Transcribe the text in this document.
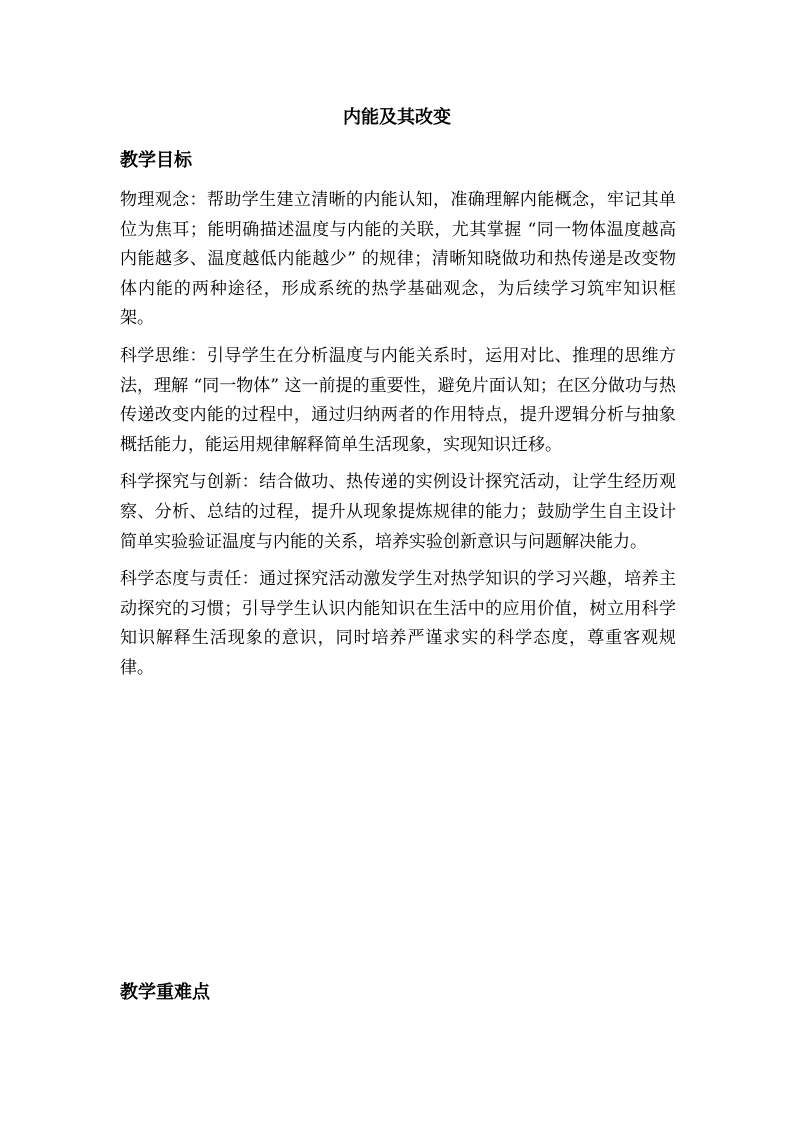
内能及其改变
教学目标

物理观念：帮助学生建立清晰的内能认知，准确理解内能概念，牢记其单位为焦耳；能明确描述温度与内能的关联，尤其掌握 “同一物体温度越高内能越多、温度越低内能越少” 的规律；清晰知晓做功和热传递是改变物体内能的两种途径，形成系统的热学基础观念，为后续学习筑牢知识框架。

科学思维：引导学生在分析温度与内能关系时，运用对比、推理的思维方法，理解 “同一物体” 这一前提的重要性，避免片面认知；在区分做功与热传递改变内能的过程中，通过归纳两者的作用特点，提升逻辑分析与抽象概括能力，能运用规律解释简单生活现象，实现知识迁移。

科学探究与创新：结合做功、热传递的实例设计探究活动，让学生经历观察、分析、总结的过程，提升从现象提炼规律的能力；鼓励学生自主设计简单实验验证温度与内能的关系，培养实验创新意识与问题解决能力。

科学态度与责任：通过探究活动激发学生对热学知识的学习兴趣，培养主动探究的习惯；引导学生认识内能知识在生活中的应用价值，树立用科学知识解释生活现象的意识，同时培养严谨求实的科学态度，尊重客观规律。

教学重难点
